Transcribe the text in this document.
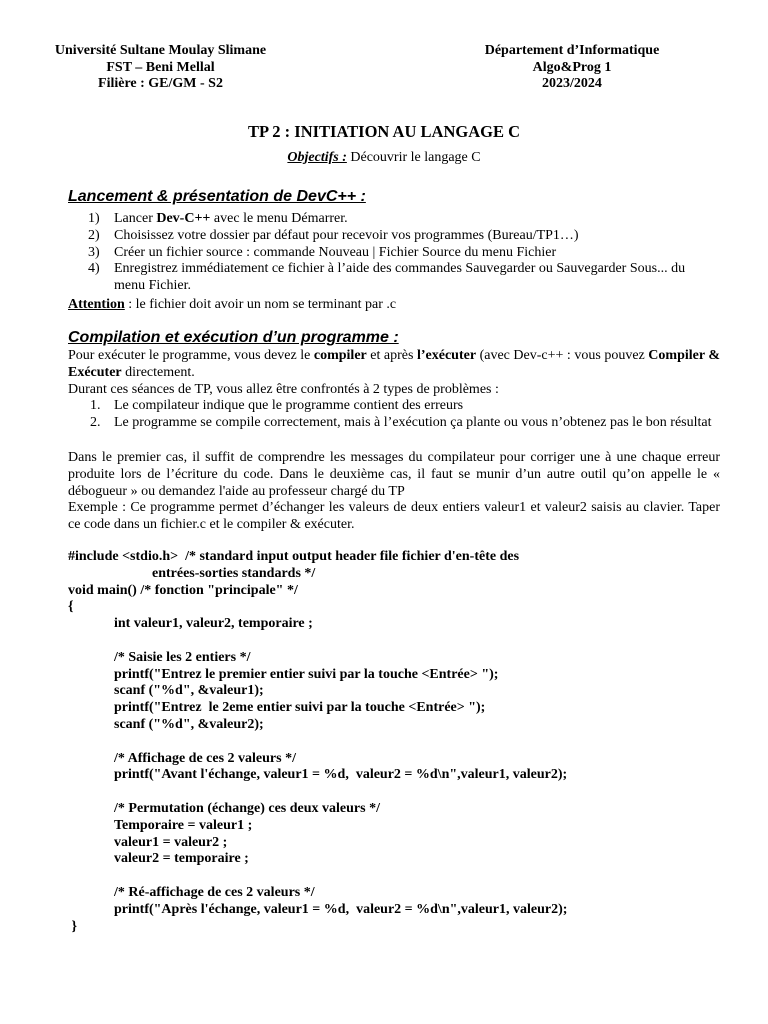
Université Sultane Moulay Slimane
FST – Beni Mellal
Filière : GE/GM - S2
Département d’Informatique
Algo&Prog 1
2023/2024
TP 2 : INITIATION AU LANGAGE C
Objectifs : Découvrir le langage C
Lancement & présentation de DevC++ :
1) Lancer Dev-C++ avec le menu Démarrer.
2) Choisissez votre dossier par défaut pour recevoir vos programmes (Bureau/TP1…)
3) Créer un fichier source : commande Nouveau | Fichier Source du menu Fichier
4) Enregistrez immédiatement ce fichier à l’aide des commandes Sauvegarder ou Sauvegarder Sous... du menu Fichier.
Attention : le fichier doit avoir un nom se terminant par .c
Compilation et exécution d’un programme :
Pour exécuter le programme, vous devez le compiler et après l’exécuter (avec Dev-c++ : vous pouvez Compiler & Exécuter directement.
Durant ces séances de TP, vous allez être confrontés à 2 types de problèmes :
1. Le compilateur indique que le programme contient des erreurs
2. Le programme se compile correctement, mais à l’exécution ça plante ou vous n’obtenez pas le bon résultat
Dans le premier cas, il suffit de comprendre les messages du compilateur pour corriger une à une chaque erreur produite lors de l’écriture du code. Dans le deuxième cas, il faut se munir d’un autre outil qu’on appelle le « débogueur » ou demandez l'aide au professeur chargé du TP
Exemple : Ce programme permet d’échanger les valeurs de deux entiers valeur1 et valeur2 saisis au clavier. Taper ce code dans un fichier.c et le compiler & exécuter.
#include <stdio.h>  /* standard input output header file fichier d'en-tête des
entrées-sorties standards */
void main() /* fonction "principale" */
{
int valeur1, valeur2, temporaire ;
/* Saisie les 2 entiers */
printf("Entrez le premier entier suivi par la touche <Entrée> ");
scanf ("%d", &valeur1);
printf("Entrez  le 2eme entier suivi par la touche <Entrée> ");
scanf ("%d", &valeur2);
/* Affichage de ces 2 valeurs */
printf("Avant l'échange, valeur1 = %d,  valeur2 = %d\n",valeur1, valeur2);
/* Permutation (échange) ces deux valeurs */
Temporaire = valeur1 ;
valeur1 = valeur2 ;
valeur2 = temporaire ;
/* Ré-affichage de ces 2 valeurs */
printf("Après l'échange, valeur1 = %d,  valeur2 = %d\n",valeur1, valeur2);
}
